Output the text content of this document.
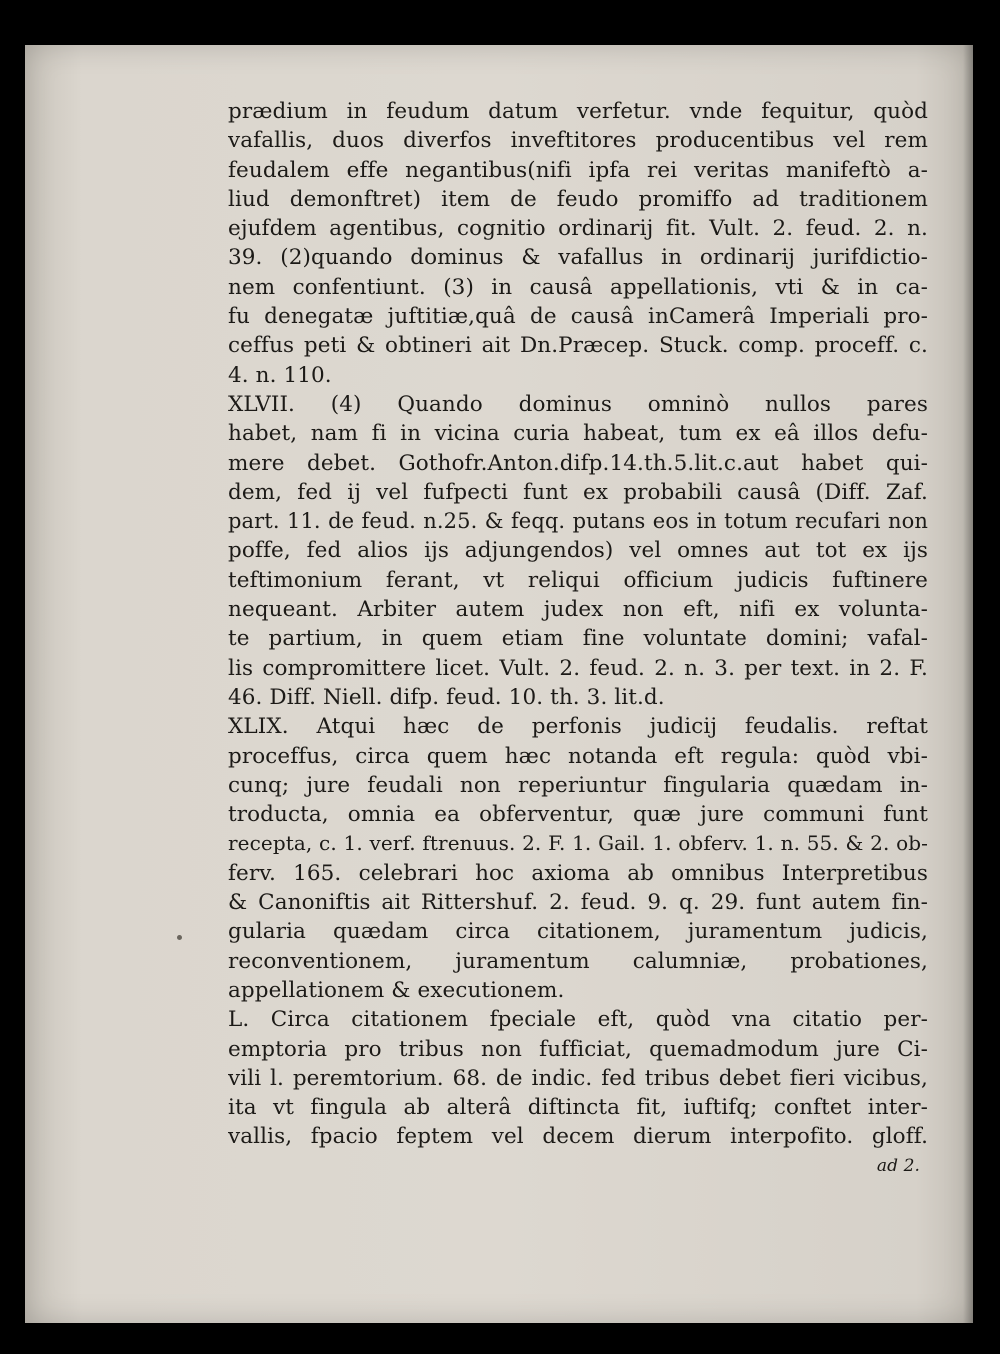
prædium in feudum datum verfetur. vnde fequitur, quòd
vafallis, duos diverfos inveftitores producentibus vel rem
feudalem effe negantibus(nifi ipfa rei veritas manifeftò a-
liud demonftret) item de feudo promiffo ad traditionem
ejufdem agentibus, cognitio ordinarij fit. Vult. 2. feud. 2. n.
39. (2)quando dominus & vafallus in ordinarij jurifdictio-
nem confentiunt. (3) in causâ appellationis, vti & in ca-
fu denegatæ juftitiæ,quâ de causâ inCamerâ Imperiali pro-
ceffus peti & obtineri ait Dn.Præcep. Stuck. comp. proceff. c.
4. n. 110.
XLVII. (4) Quando dominus omninò nullos pares
habet, nam fi in vicina curia habeat, tum ex eâ illos defu-
mere debet. Gothofr.Anton.difp.14.th.5.lit.c.aut habet qui-
dem, fed ij vel fufpecti funt ex probabili causâ (Diff. Zaf.
part. 11. de feud. n.25. & feqq. putans eos in totum recufari non
poffe, fed alios ijs adjungendos) vel omnes aut tot ex ijs
teftimonium ferant, vt reliqui officium judicis fuftinere
nequeant. Arbiter autem judex non eft, nifi ex volunta-
te partium, in quem etiam fine voluntate domini; vafal-
lis compromittere licet. Vult. 2. feud. 2. n. 3. per text. in 2. F.
46. Diff. Niell. difp. feud. 10. th. 3. lit.d.
XLIX. Atqui hæc de perfonis judicij feudalis. reftat
proceffus, circa quem hæc notanda eft regula: quòd vbi-
cunq; jure feudali non reperiuntur fingularia quædam in-
troducta, omnia ea obferventur, quæ jure communi funt
recepta, c. 1. verf. ftrenuus. 2. F. 1. Gail. 1. obferv. 1. n. 55. & 2. ob-
ferv. 165. celebrari hoc axioma ab omnibus Interpretibus
& Canoniftis ait Rittershuf. 2. feud. 9. q. 29. funt autem fin-
gularia quædam circa citationem, juramentum judicis,
reconventionem, juramentum calumniæ, probationes,
appellationem & executionem.
L. Circa citationem fpeciale eft, quòd vna citatio per-
emptoria pro tribus non fufficiat, quemadmodum jure Ci-
vili l. peremtorium. 68. de indic. fed tribus debet fieri vicibus,
ita vt fingula ab alterâ diftincta fit, iuftifq; conftet inter-
vallis, fpacio feptem vel decem dierum interpofito. gloff.
ad 2.
